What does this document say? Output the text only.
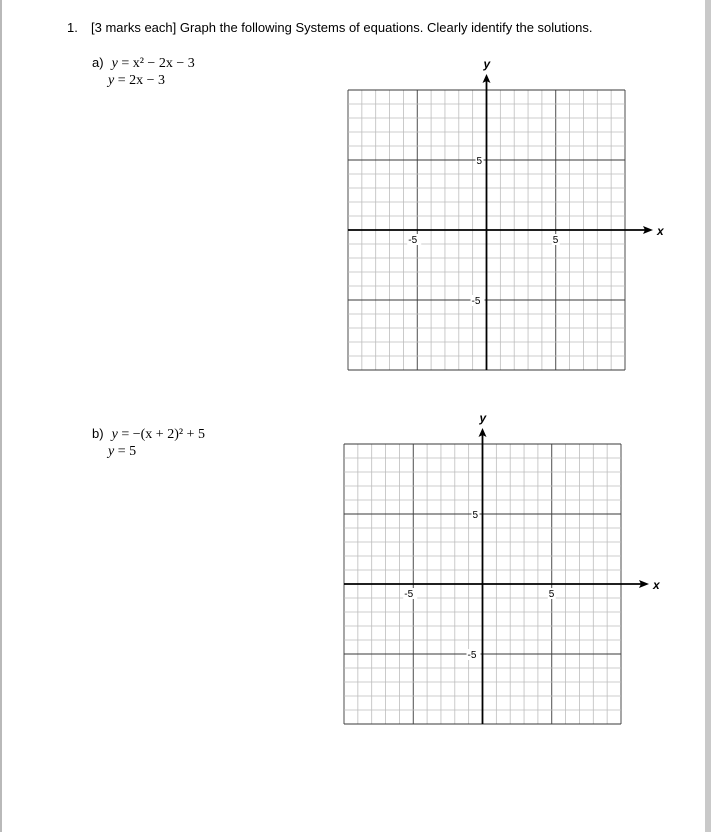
1. [3 marks each] Graph the following Systems of equations. Clearly identify the solutions.
a) y = x² − 2x − 3
y = 2x − 3
b) y = −(x + 2)² + 5
y = 5
x
y
-5	5
5
-5
x
y
-5	5
5
-5
